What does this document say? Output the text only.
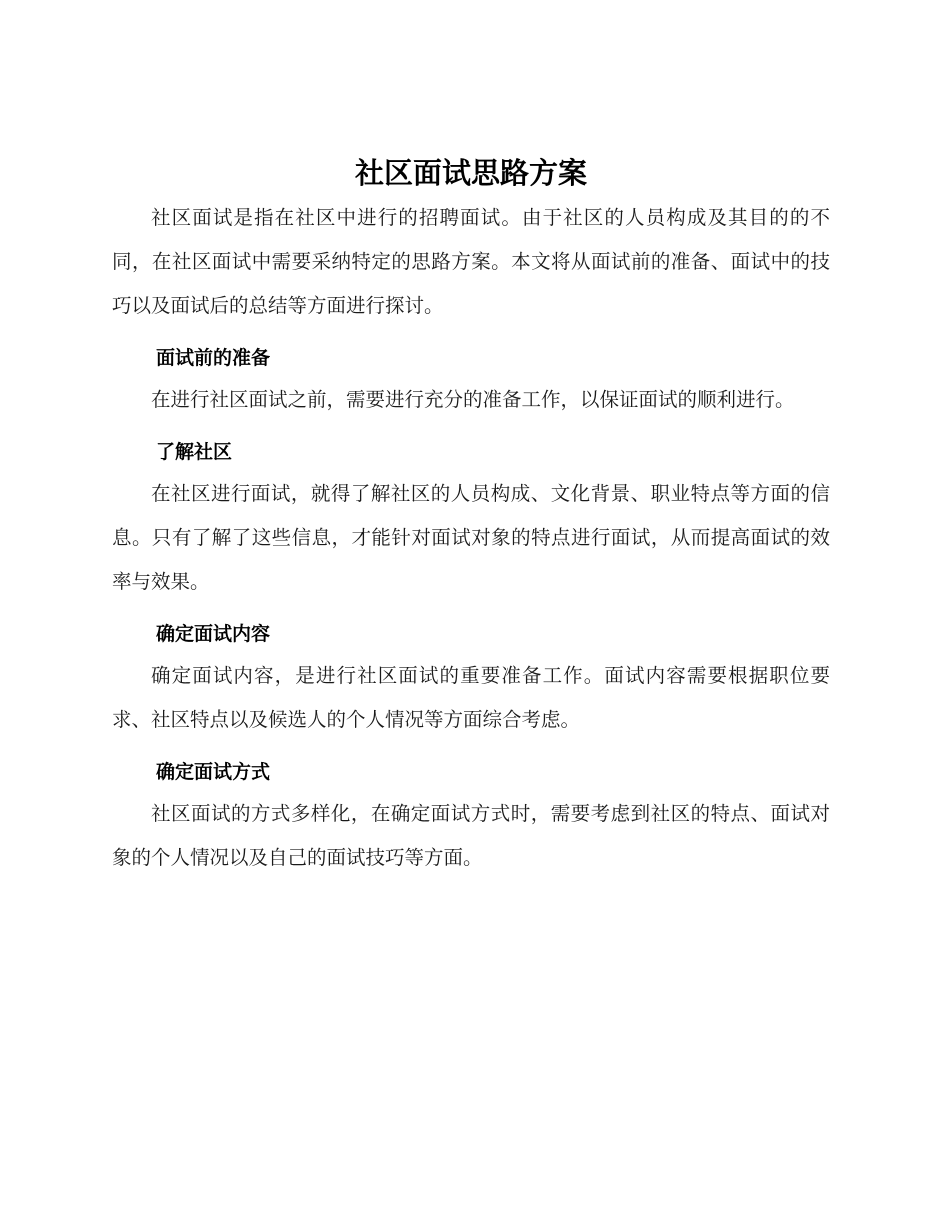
社区面试思路方案

社区面试是指在社区中进行的招聘面试。由于社区的人员构成及其目的的不同，在社区面试中需要采纳特定的思路方案。本文将从面试前的准备、面试中的技巧以及面试后的总结等方面进行探讨。

面试前的准备

在进行社区面试之前，需要进行充分的准备工作，以保证面试的顺利进行。

了解社区

在社区进行面试，就得了解社区的人员构成、文化背景、职业特点等方面的信息。只有了解了这些信息，才能针对面试对象的特点进行面试，从而提高面试的效率与效果。

确定面试内容

确定面试内容，是进行社区面试的重要准备工作。面试内容需要根据职位要求、社区特点以及候选人的个人情况等方面综合考虑。

确定面试方式

社区面试的方式多样化，在确定面试方式时，需要考虑到社区的特点、面试对象的个人情况以及自己的面试技巧等方面。
